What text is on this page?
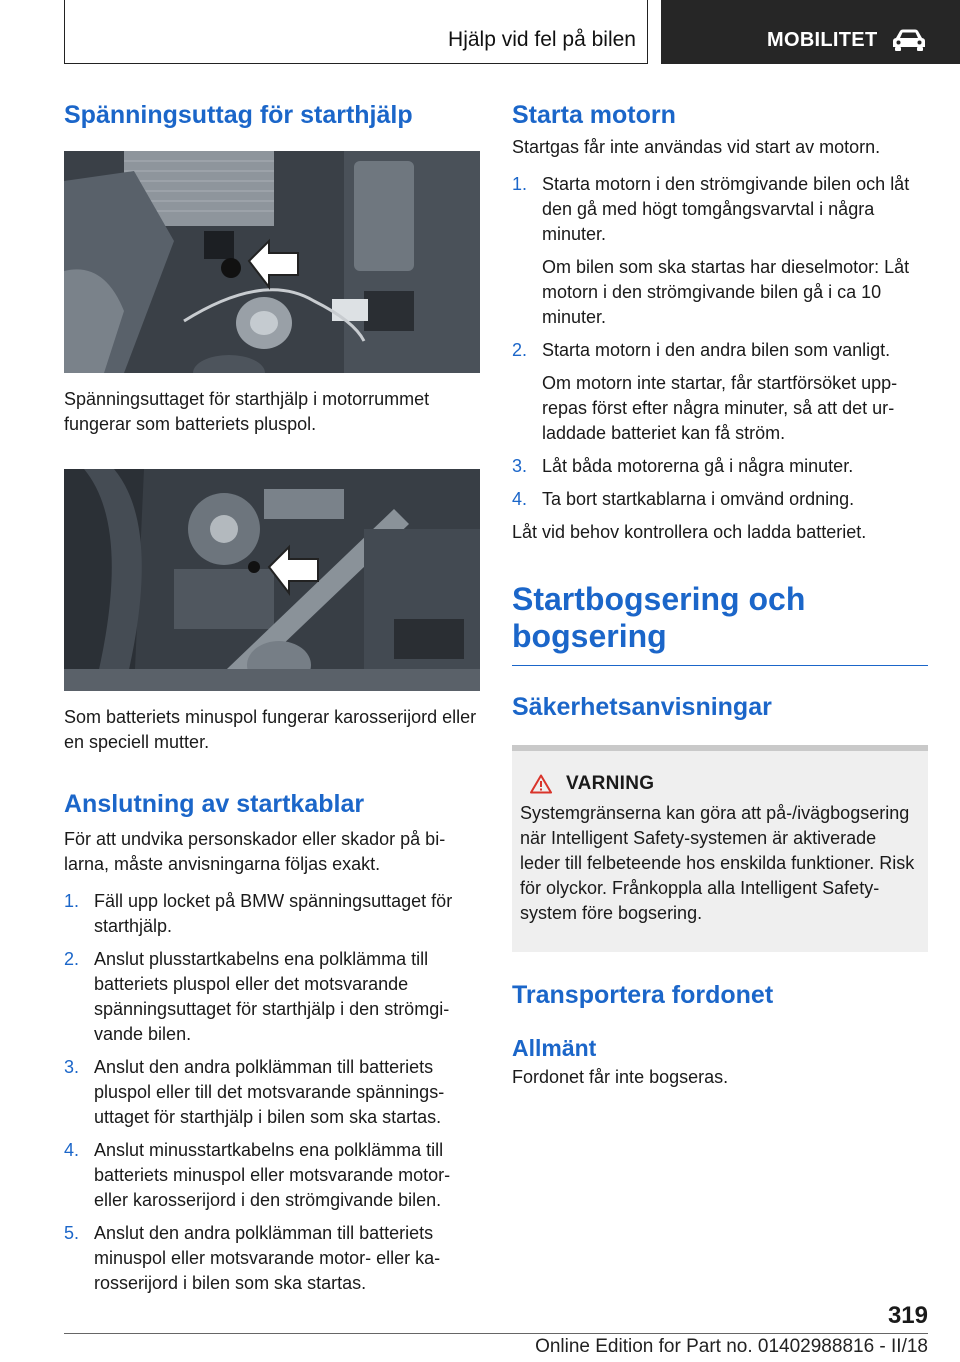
Hjälp vid fel på bilen	MOBILITET
Spänningsuttag för starthjälp

Spänningsuttaget för starthjälp i motorrummet fungerar som batteriets pluspol.

Som batteriets minuspol fungerar karosserijord eller en speciell mutter.

Anslutning av startkablar

För att undvika personskador eller skador på bilarna, måste anvisningarna följas exakt.

1. Fäll upp locket på BMW spänningsuttaget för starthjälp.
2. Anslut plusstartkabelns ena polklämma till batteriets pluspol eller det motsvarande spänningsuttaget för starthjälp i den strömgivande bilen.
3. Anslut den andra polklämman till batteriets pluspol eller till det motsvarande spänningsuttaget för starthjälp i bilen som ska startas.
4. Anslut minusstartkabelns ena polklämma till batteriets minuspol eller motsvarande motor- eller karosserijord i den strömgivande bilen.
5. Anslut den andra polklämman till batteriets minuspol eller motsvarande motor- eller karosserijord i bilen som ska startas.
Starta motorn

Startgas får inte användas vid start av motorn.

1. Starta motorn i den strömgivande bilen och låt den gå med högt tomgångsvarvtal i några minuter.
Om bilen som ska startas har dieselmotor: Låt motorn i den strömgivande bilen gå i ca 10 minuter.
2. Starta motorn i den andra bilen som vanligt.
Om motorn inte startar, får startförsöket upprepas först efter några minuter, så att det urladdade batteriet kan få ström.
3. Låt båda motorerna gå i några minuter.
4. Ta bort startkablarna i omvänd ordning.

Låt vid behov kontrollera och ladda batteriet.

Startbogsering och bogsering
Säkerhetsanvisningar
VARNING

Systemgränserna kan göra att på-/ivägbogsering när Intelligent Safety-systemen är aktiverade leder till felbeteende hos enskilda funktioner. Risk för olyckor. Frånkoppla alla Intelligent Safety-system före bogsering.

Transportera fordonet
Allmänt

Fordonet får inte bogseras.

319
Online Edition for Part no. 01402988816 - II/18
